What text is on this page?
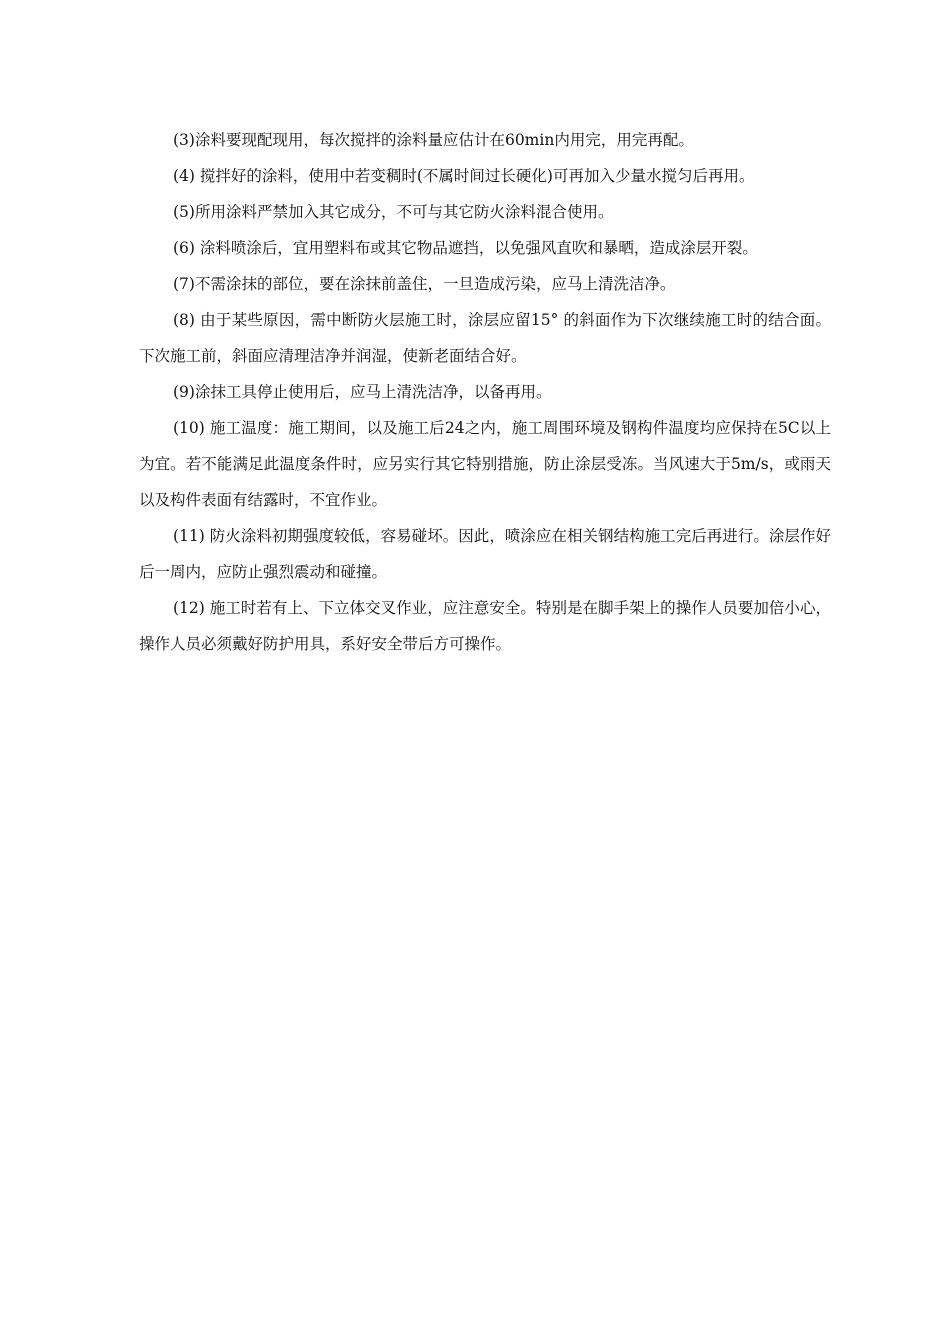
(3)涂料要现配现用，每次搅拌的涂料量应估计在60min内用完，用完再配。

(4) 搅拌好的涂料，使用中若变稠时(不属时间过长硬化)可再加入少量水搅匀后再用。

(5)所用涂料严禁加入其它成分，不可与其它防火涂料混合使用。

(6) 涂料喷涂后，宜用塑料布或其它物品遮挡，以免强风直吹和暴晒，造成涂层开裂。

(7)不需涂抹的部位，要在涂抹前盖住，一旦造成污染，应马上清洗洁净。

(8) 由于某些原因，需中断防火层施工时，涂层应留15° 的斜面作为下次继续施工时的结合面。下次施工前，斜面应清理洁净并润湿，使新老面结合好。

(9)涂抹工具停止使用后，应马上清洗洁净，以备再用。

(10) 施工温度：施工期间，以及施工后24之内，施工周围环境及钢构件温度均应保持在5C以上为宜。若不能满足此温度条件时，应另实行其它特别措施，防止涂层受冻。当风速大于5m/s，或雨天以及构件表面有结露时，不宜作业。

(11) 防火涂料初期强度较低，容易碰坏。因此，喷涂应在相关钢结构施工完后再进行。涂层作好后一周内，应防止强烈震动和碰撞。

(12) 施工时若有上、下立体交叉作业，应注意安全。特别是在脚手架上的操作人员要加倍小心，操作人员必须戴好防护用具，系好安全带后方可操作。
